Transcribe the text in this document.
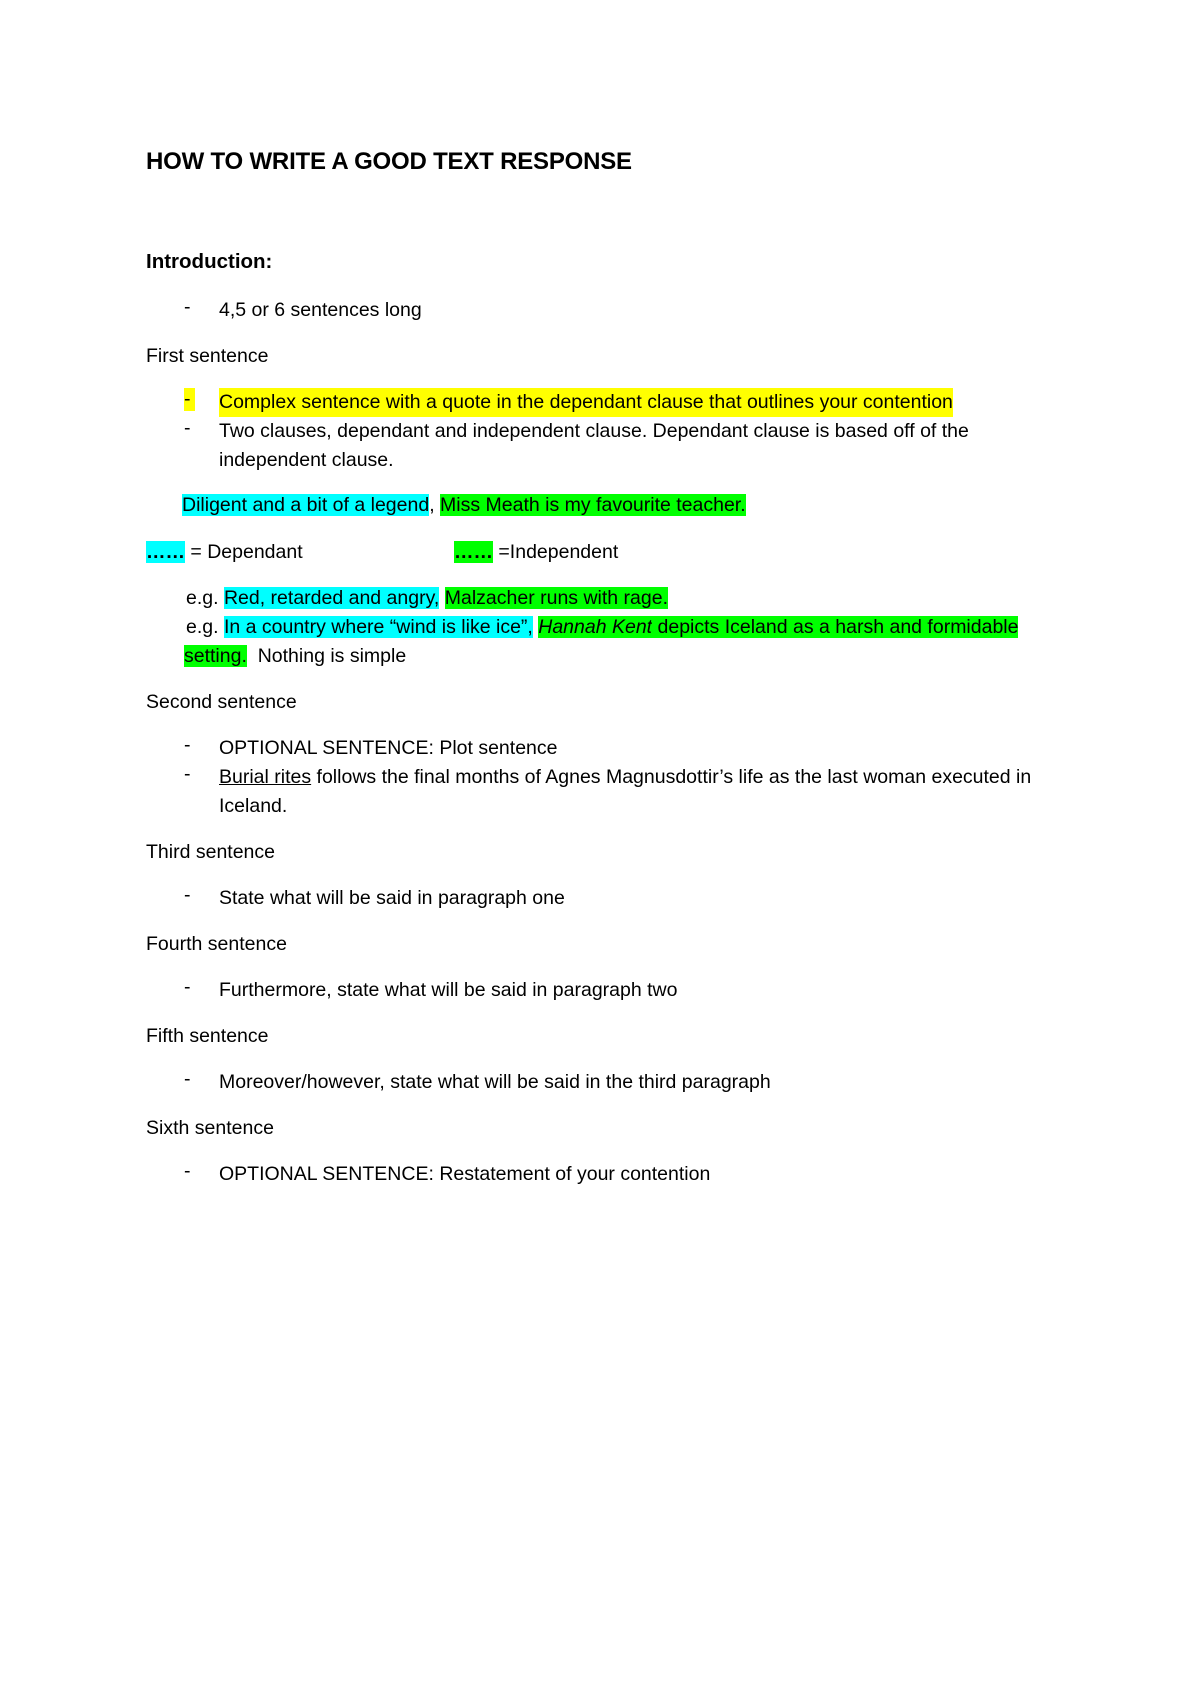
HOW TO WRITE A GOOD TEXT RESPONSE
Introduction:
- 4,5 or 6 sentences long
First sentence
- Complex sentence with a quote in the dependant clause that outlines your contention
- Two clauses, dependant and independent clause. Dependant clause is based off of the independent clause.
Diligent and a bit of a legend, Miss Meath is my favourite teacher.
…… = Dependant	…… =Independent
e.g. Red, retarded and angry, Malzacher runs with rage.
e.g. In a country where “wind is like ice”, Hannah Kent depicts Iceland as a harsh and formidable
setting.  Nothing is simple
Second sentence
- OPTIONAL SENTENCE: Plot sentence
- Burial rites follows the final months of Agnes Magnusdottir’s life as the last woman executed in Iceland.
Third sentence
- State what will be said in paragraph one
Fourth sentence
- Furthermore, state what will be said in paragraph two
Fifth sentence
- Moreover/however, state what will be said in the third paragraph
Sixth sentence
- OPTIONAL SENTENCE: Restatement of your contention
